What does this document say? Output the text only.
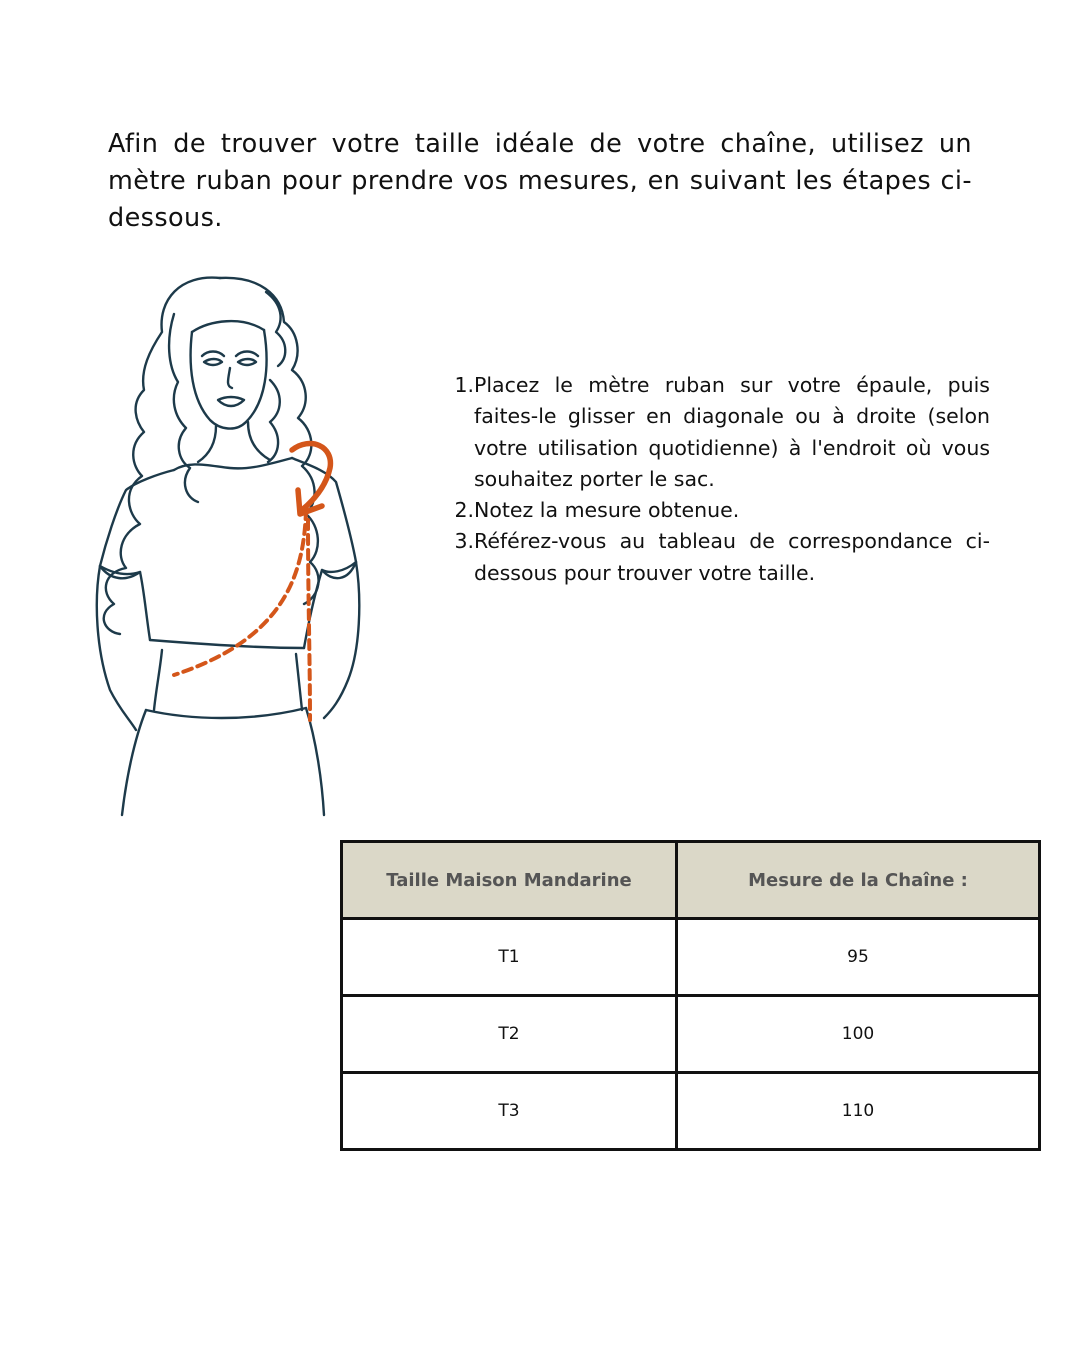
Afin de trouver votre taille idéale de votre chaîne, utilisez un mètre ruban pour prendre vos mesures, en suivant les étapes ci-dessous.

1. Placez le mètre ruban sur votre épaule, puis faites-le glisser en diagonale ou à droite (selon votre utilisation quotidienne) à l'endroit où vous souhaitez porter le sac.
2. Notez la mesure obtenue.
3. Référez-vous au tableau de correspondance ci-dessous pour trouver votre taille.
Taille Maison Mandarine	Mesure de la Chaîne :
T1	95
T2	100
T3	110
